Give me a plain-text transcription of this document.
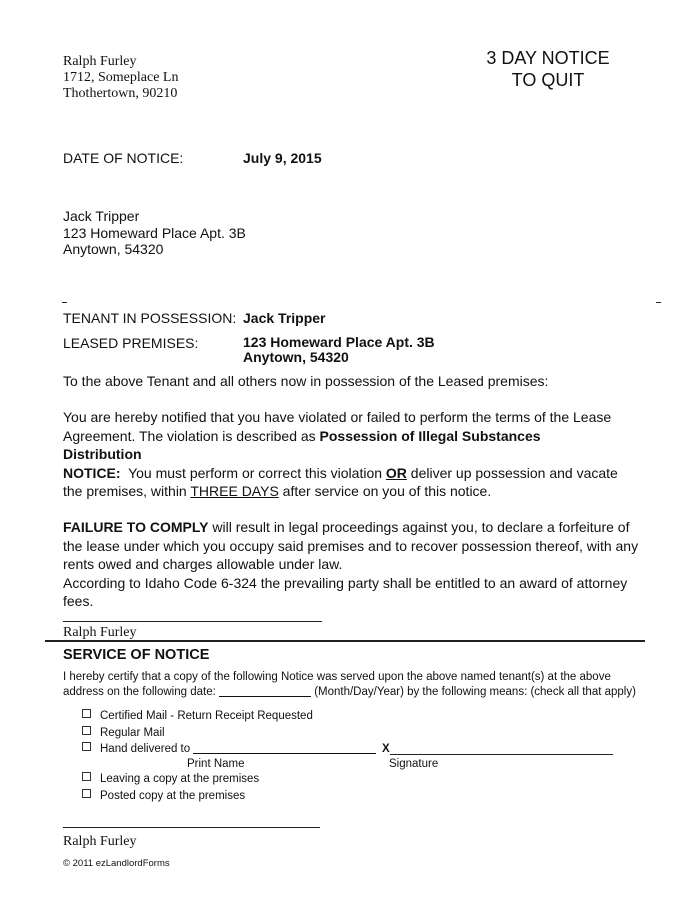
Ralph Furley
1712, Someplace Ln
Thothertown, 90210
3 DAY NOTICE
TO QUIT
DATE OF NOTICE:	July 9, 2015
Jack Tripper
123 Homeward Place Apt. 3B
Anytown, 54320
TENANT IN POSSESSION: Jack Tripper
LEASED PREMISES:	123 Homeward Place Apt. 3B
Anytown, 54320
To the above Tenant and all others now in possession of the Leased premises:
You are hereby notified that you have violated or failed to perform the terms of the Lease
Agreement. The violation is described as Possession of Illegal Substances
Distribution
NOTICE:  You must perform or correct this violation OR deliver up possession and vacate
the premises, within THREE DAYS after service on you of this notice.
FAILURE TO COMPLY will result in legal proceedings against you, to declare a forfeiture of
the lease under which you occupy said premises and to recover possession thereof, with any
rents owed and charges allowable under law.
According to Idaho Code 6-324 the prevailing party shall be entitled to an award of attorney
fees.
Ralph Furley
SERVICE OF NOTICE
I hereby certify that a copy of the following Notice was served upon the above named tenant(s) at the above
address on the following date:	(Month/Day/Year) by the following means: (check all that apply)
Certified Mail - Return Receipt Requested
Regular Mail
Hand delivered to	X
Print Name	Signature
Leaving a copy at the premises
Posted copy at the premises
Ralph Furley
© 2011 ezLandlordForms
